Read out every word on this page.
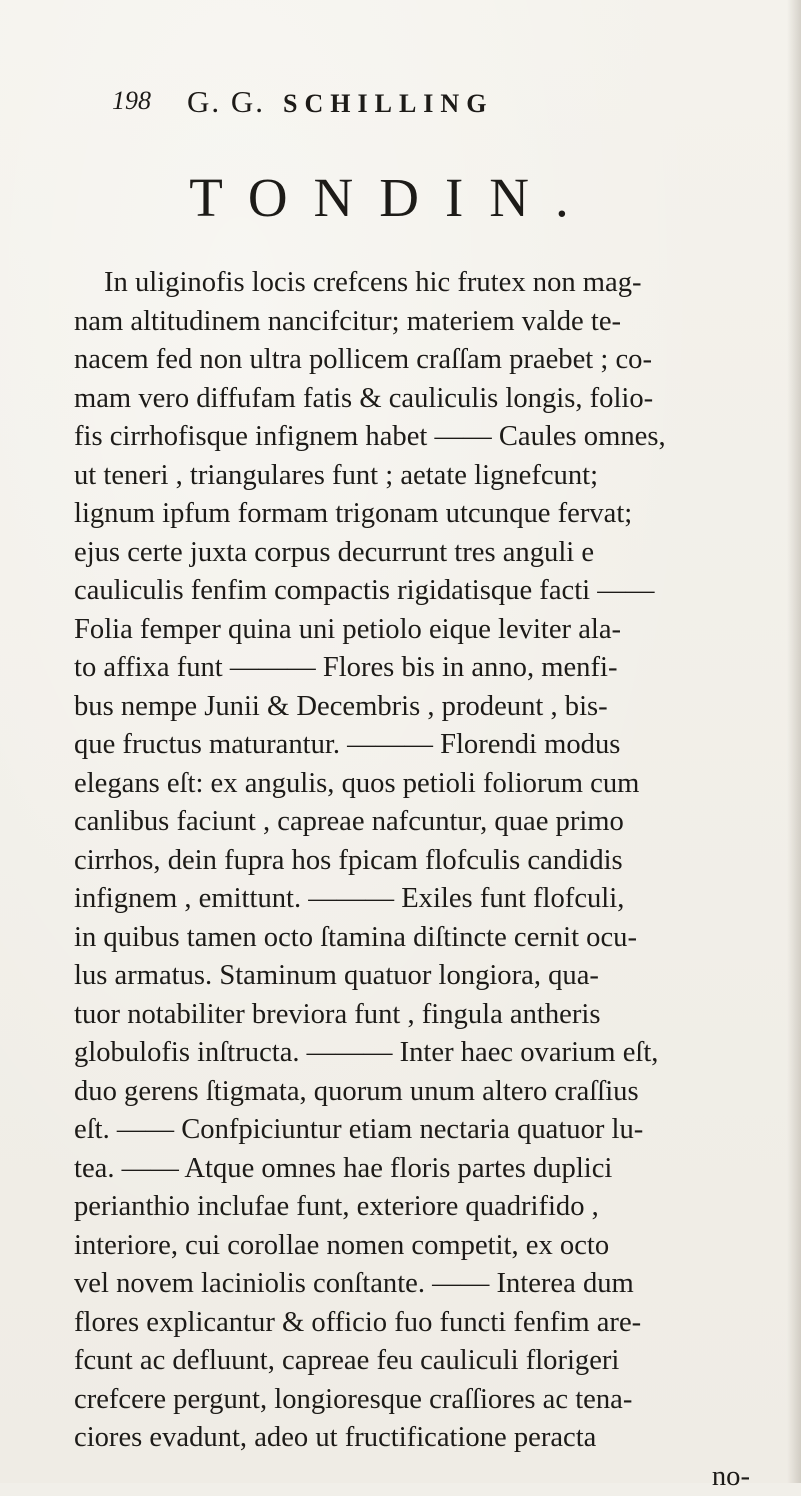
198 G. G. SCHILLING
TONDIN.
In uliginofis locis crefcens hic frutex non mag-
nam altitudinem nancifcitur; materiem valde te-
nacem fed non ultra pollicem craſſam praebet ; co-
mam vero diffufam fatis & cauliculis longis, folio-
fis cirrhofisque infignem habet —— Caules omnes,
ut teneri , triangulares funt ; aetate lignefcunt;
lignum ipfum formam trigonam utcunque fervat;
ejus certe juxta corpus decurrunt tres anguli e
cauliculis fenfim compactis rigidatisque facti ——
Folia femper quina uni petiolo eique leviter ala-
to affixa funt ——— Flores bis in anno, menfi-
bus nempe Junii & Decembris , prodeunt , bis-
que fructus maturantur. ——— Florendi modus
elegans eſt: ex angulis, quos petioli foliorum cum
canlibus faciunt , capreae nafcuntur, quae primo
cirrhos, dein fupra hos fpicam flofculis candidis
infignem , emittunt. ——— Exiles funt flofculi,
in quibus tamen octo ſtamina diſtincte cernit ocu-
lus armatus. Staminum quatuor longiora, qua-
tuor notabiliter breviora funt , fingula antheris
globulofis inſtructa. ——— Inter haec ovarium eſt,
duo gerens ſtigmata, quorum unum altero craſſius
eſt. —— Confpiciuntur etiam nectaria quatuor lu-
tea. —— Atque omnes hae floris partes duplici
perianthio inclufae funt, exteriore quadrifido ,
interiore, cui corollae nomen competit, ex octo
vel novem laciniolis conſtante. —— Interea dum
flores explicantur & officio fuo functi fenfim are-
fcunt ac defluunt, capreae feu cauliculi florigeri
crefcere pergunt, longioresque craſſiores ac tena-
ciores evadunt, adeo ut fructificatione peracta
no-
